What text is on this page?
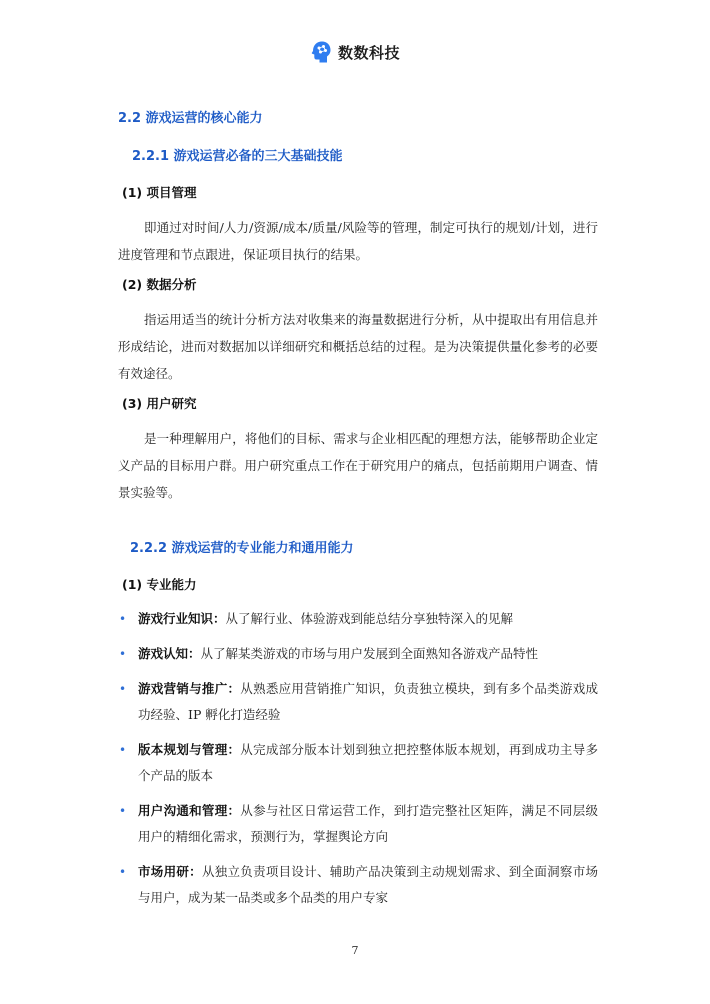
数数科技
2.2 游戏运营的核心能力
2.2.1 游戏运营必备的三大基础技能
(1) 项目管理

即通过对时间/人力/资源/成本/质量/风险等的管理，制定可执行的规划/计划，进行进度管理和节点跟进，保证项目执行的结果。

(2) 数据分析

指运用适当的统计分析方法对收集来的海量数据进行分析，从中提取出有用信息并形成结论，进而对数据加以详细研究和概括总结的过程。是为决策提供量化参考的必要有效途径。

(3) 用户研究

是一种理解用户，将他们的目标、需求与企业相匹配的理想方法，能够帮助企业定义产品的目标用户群。用户研究重点工作在于研究用户的痛点，包括前期用户调查、情景实验等。

2.2.2 游戏运营的专业能力和通用能力
(1) 专业能力
• 游戏行业知识：从了解行业、体验游戏到能总结分享独特深入的见解
• 游戏认知：从了解某类游戏的市场与用户发展到全面熟知各游戏产品特性
• 游戏营销与推广：从熟悉应用营销推广知识，负责独立模块，到有多个品类游戏成功经验、IP 孵化打造经验
• 版本规划与管理：从完成部分版本计划到独立把控整体版本规划，再到成功主导多个产品的版本
• 用户沟通和管理：从参与社区日常运营工作，到打造完整社区矩阵，满足不同层级用户的精细化需求，预测行为，掌握舆论方向
• 市场用研：从独立负责项目设计、辅助产品决策到主动规划需求、到全面洞察市场与用户，成为某一品类或多个品类的用户专家
7
